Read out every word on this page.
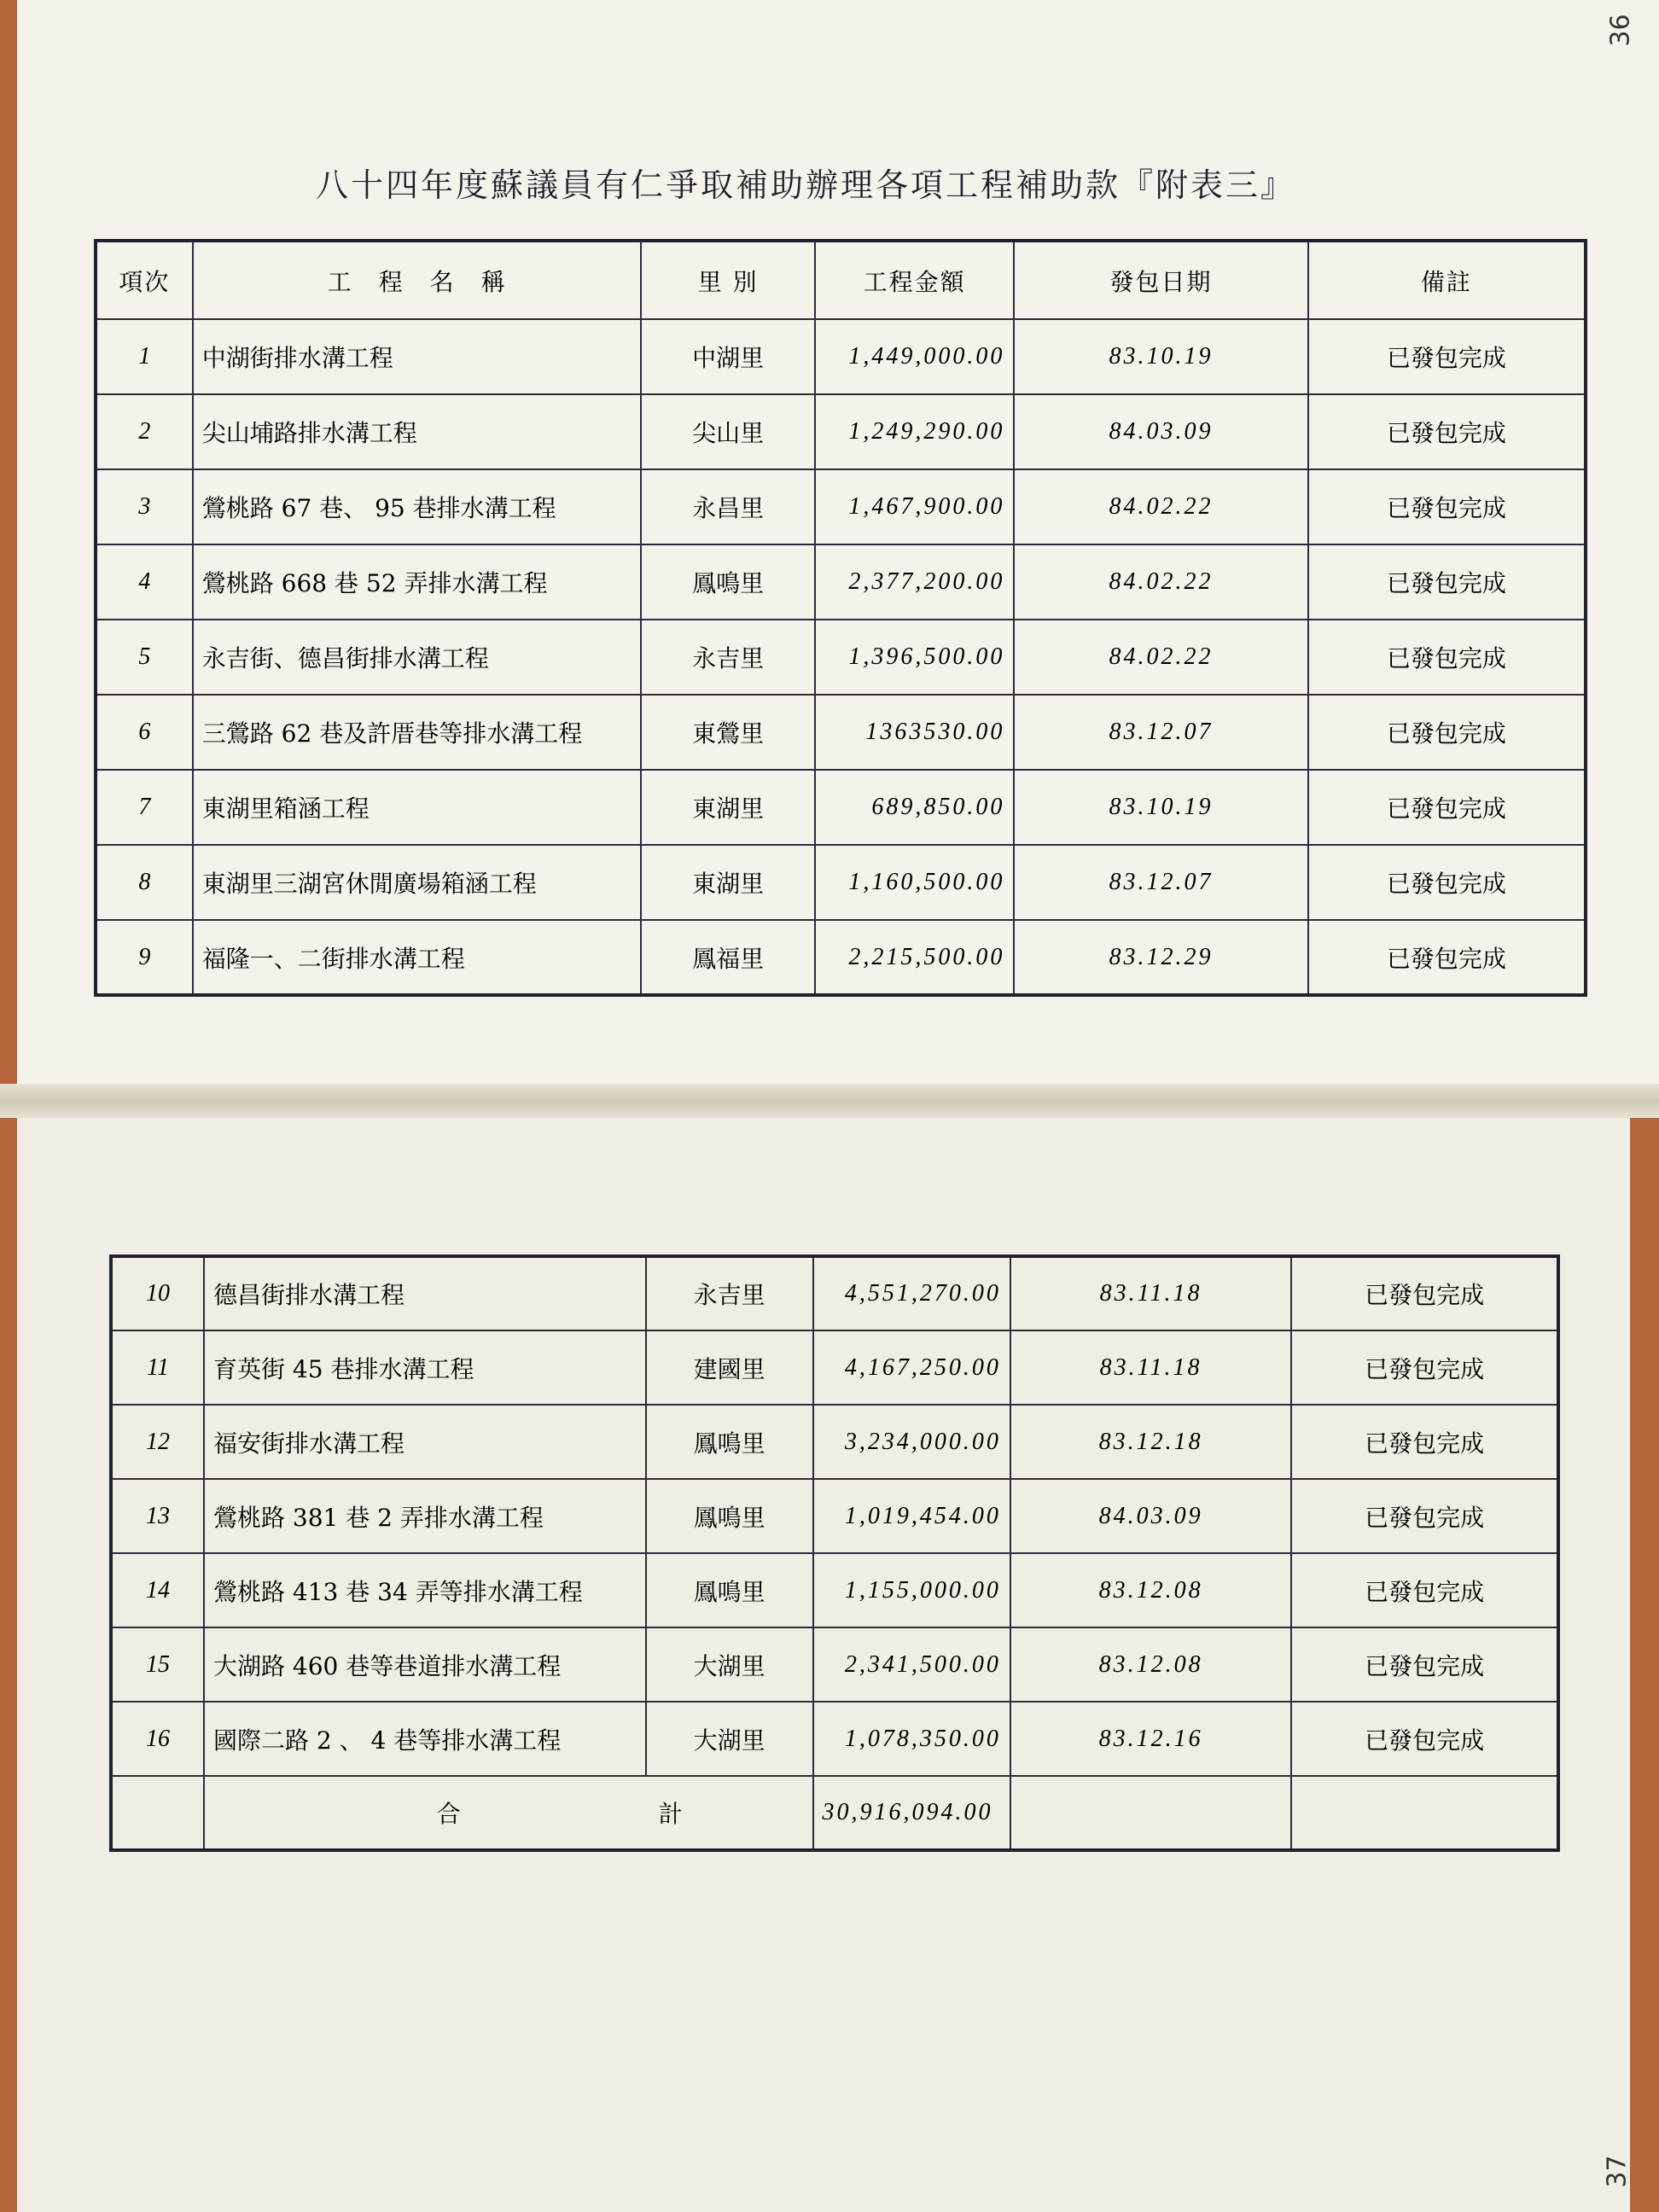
36
37
八十四年度蘇議員有仁爭取補助辦理各項工程補助款『附表三』
項次	工　程　名　稱	里 別	工程金額	發包日期	備註
1	中湖街排水溝工程	中湖里	1,449,000.00	83.10.19	已發包完成
2	尖山埔路排水溝工程	尖山里	1,249,290.00	84.03.09	已發包完成
3	鶯桃路 67 巷、 95 巷排水溝工程	永昌里	1,467,900.00	84.02.22	已發包完成
4	鶯桃路 668 巷 52 弄排水溝工程	鳳鳴里	2,377,200.00	84.02.22	已發包完成
5	永吉街、德昌街排水溝工程	永吉里	1,396,500.00	84.02.22	已發包完成
6	三鶯路 62 巷及許厝巷等排水溝工程	東鶯里	1363530.00	83.12.07	已發包完成
7	東湖里箱涵工程	東湖里	689,850.00	83.10.19	已發包完成
8	東湖里三湖宮休閒廣場箱涵工程	東湖里	1,160,500.00	83.12.07	已發包完成
9	福隆一、二街排水溝工程	鳳福里	2,215,500.00	83.12.29	已發包完成
10	德昌街排水溝工程	永吉里	4,551,270.00	83.11.18	已發包完成
11	育英街 45 巷排水溝工程	建國里	4,167,250.00	83.11.18	已發包完成
12	福安街排水溝工程	鳳鳴里	3,234,000.00	83.12.18	已發包完成
13	鶯桃路 381 巷 2 弄排水溝工程	鳳鳴里	1,019,454.00	84.03.09	已發包完成
14	鶯桃路 413 巷 34 弄等排水溝工程	鳳鳴里	1,155,000.00	83.12.08	已發包完成
15	大湖路 460 巷等巷道排水溝工程	大湖里	2,341,500.00	83.12.08	已發包完成
16	國際二路 2 、 4 巷等排水溝工程	大湖里	1,078,350.00	83.12.16	已發包完成
	合 計		30,916,094.00		
